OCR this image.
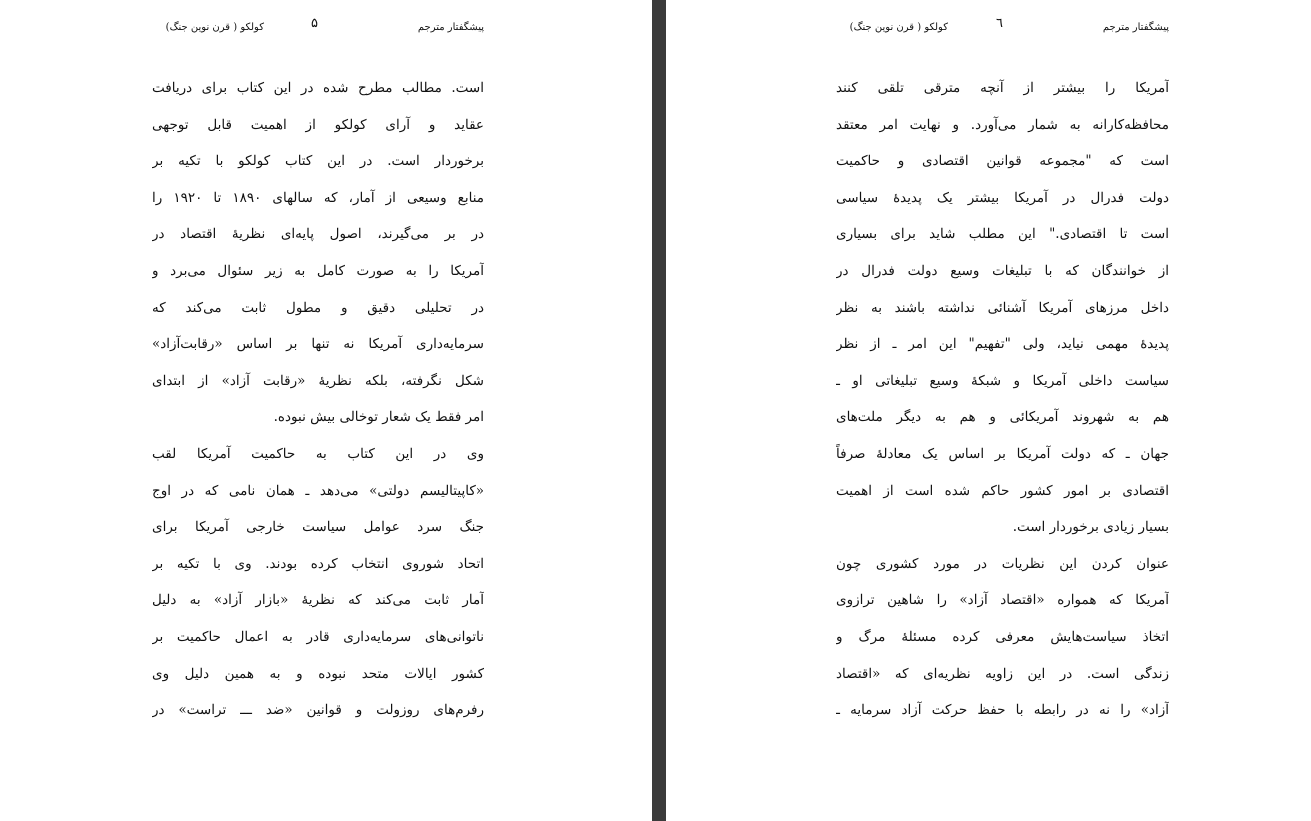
پیشگفتار مترجم
۵
کولکو ( قرن نوین جنگ)
است. مطالب مطرح شده در این کتاب برای دریافت
عقاید و آرای کولکو از اهمیت قابل توجهی
برخوردار است. در این کتاب کولکو با تکیه بر
منابع وسیعی از آمار، که سالهای ۱۸۹۰ تا ۱۹۲۰ را
در بر می‌گیرند، اصول پایه‌ای نظریهٔ اقتصاد در
آمریکا را به صورت کامل به زیر سئوال می‌برد و
در تحلیلی دقیق و مطول ثابت می‌کند که
سرمایه‌داری آمریکا نه تنها بر اساس «رقابت‌آزاد»
شکل نگرفته، بلکه نظریهٔ «رقابت آزاد» از ابتدای
امر فقط یک شعار توخالی بیش نبوده.
وی در این کتاب به حاکمیت آمریکا لقب
«کاپیتالیسم دولتی» می‌دهد ـ همان نامی که در اوج
جنگ سرد عوامل سیاست خارجی آمریکا برای
اتحاد شوروی انتخاب کرده بودند. وی با تکیه بر
آمار ثابت می‌کند که نظریهٔ «بازار آزاد» به دلیل
ناتوانی‌های سرمایه‌داری قادر به اعمال حاکمیت بر
کشور ایالات متحد نبوده و به همین دلیل وی
رفرم‌های روزولت و قوانین «ضد ـــ تراست» در
پیشگفتار مترجم
٦
کولکو ( قرن نوین جنگ)
آمریکا را بیشتر از آنچه مترقی تلقی کنند
محافظه‌کارانه به شمار می‌آورد. و نهایت امر معتقد
است که "مجموعه قوانین اقتصادی و حاکمیت
دولت فدرال در آمریکا بیشتر یک پدیدهٔ سیاسی
است تا اقتصادی." این مطلب شاید برای بسیاری
از خوانندگان که با تبلیغات وسیع دولت فدرال در
داخل مرزهای آمریکا آشنائی نداشته باشند به نظر
پدیدهٔ مهمی نیاید، ولی "تفهیم" این امر ـ از نظر
سیاست داخلی آمریکا و شبکهٔ وسیع تبلیغاتی او ـ
هم به شهروند آمریکائی و هم به دیگر ملت‌های
جهان ـ که دولت آمریکا بر اساس یک معادلهٔ صرفاً
اقتصادی بر امور کشور حاکم شده است از اهمیت
بسیار زیادی برخوردار است.
عنوان کردن این نظریات در مورد کشوری چون
آمریکا که همواره «اقتصاد آزاد» را شاهین ترازوی
اتخاذ سیاست‌هایش معرفی کرده مسئلهٔ مرگ و
زندگی است. در این زاویه نظریه‌ای که «اقتصاد
آزاد» را نه در رابطه با حفظ حرکت آزاد سرمایه ـ
